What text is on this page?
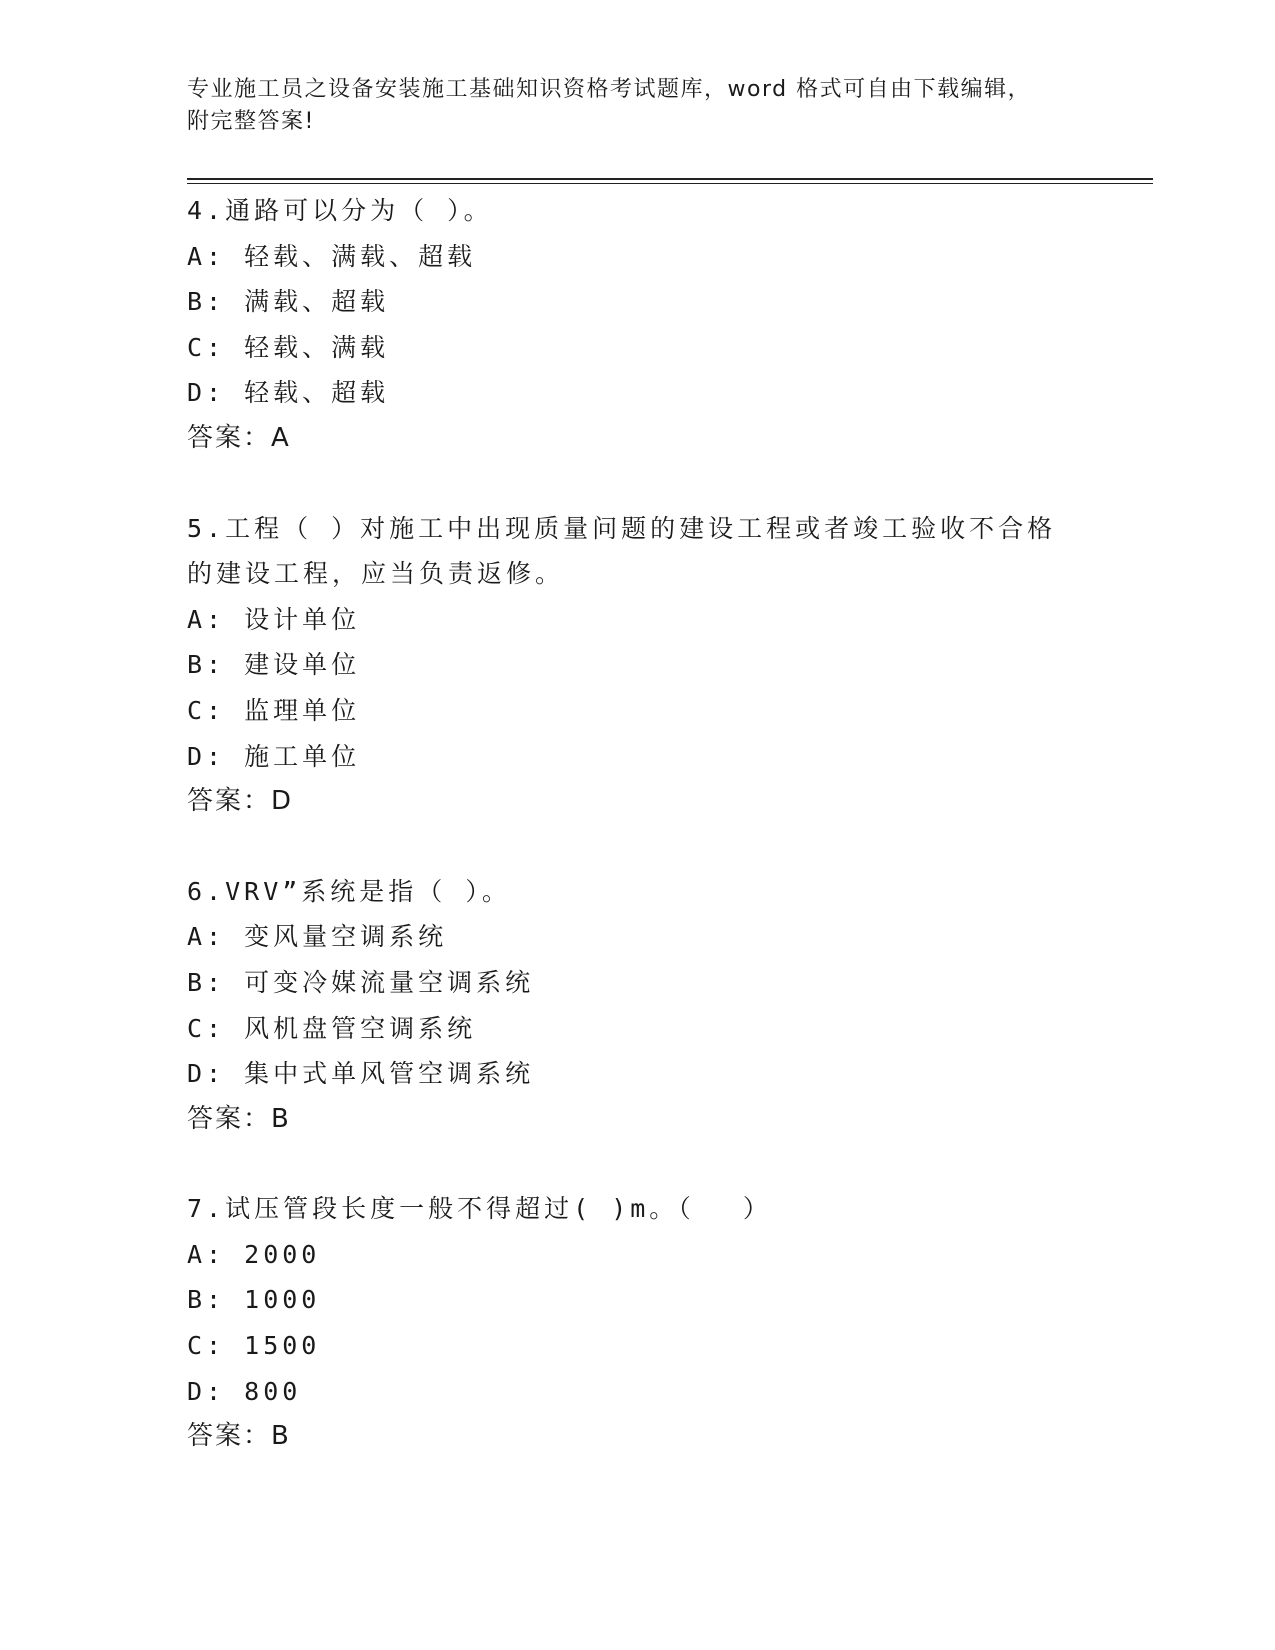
专业施工员之设备安装施工基础知识资格考试题库，word 格式可自由下载编辑，
附完整答案!
4.通路可以分为（ ）。
A: 轻载、满载、超载
B: 满载、超载
C: 轻载、满载
D: 轻载、超载
答案：A
5.工程（ ）对施工中出现质量问题的建设工程或者竣工验收不合格的建设工程，应当负责返修。
A: 设计单位
B: 建设单位
C: 监理单位
D: 施工单位
答案：D
6.VRV”系统是指（ ）。
A: 变风量空调系统
B: 可变冷媒流量空调系统
C: 风机盘管空调系统
D: 集中式单风管空调系统
答案：B
7.试压管段长度一般不得超过( )m。（　 ）
A: 2000
B: 1000
C: 1500
D: 800
答案：B
